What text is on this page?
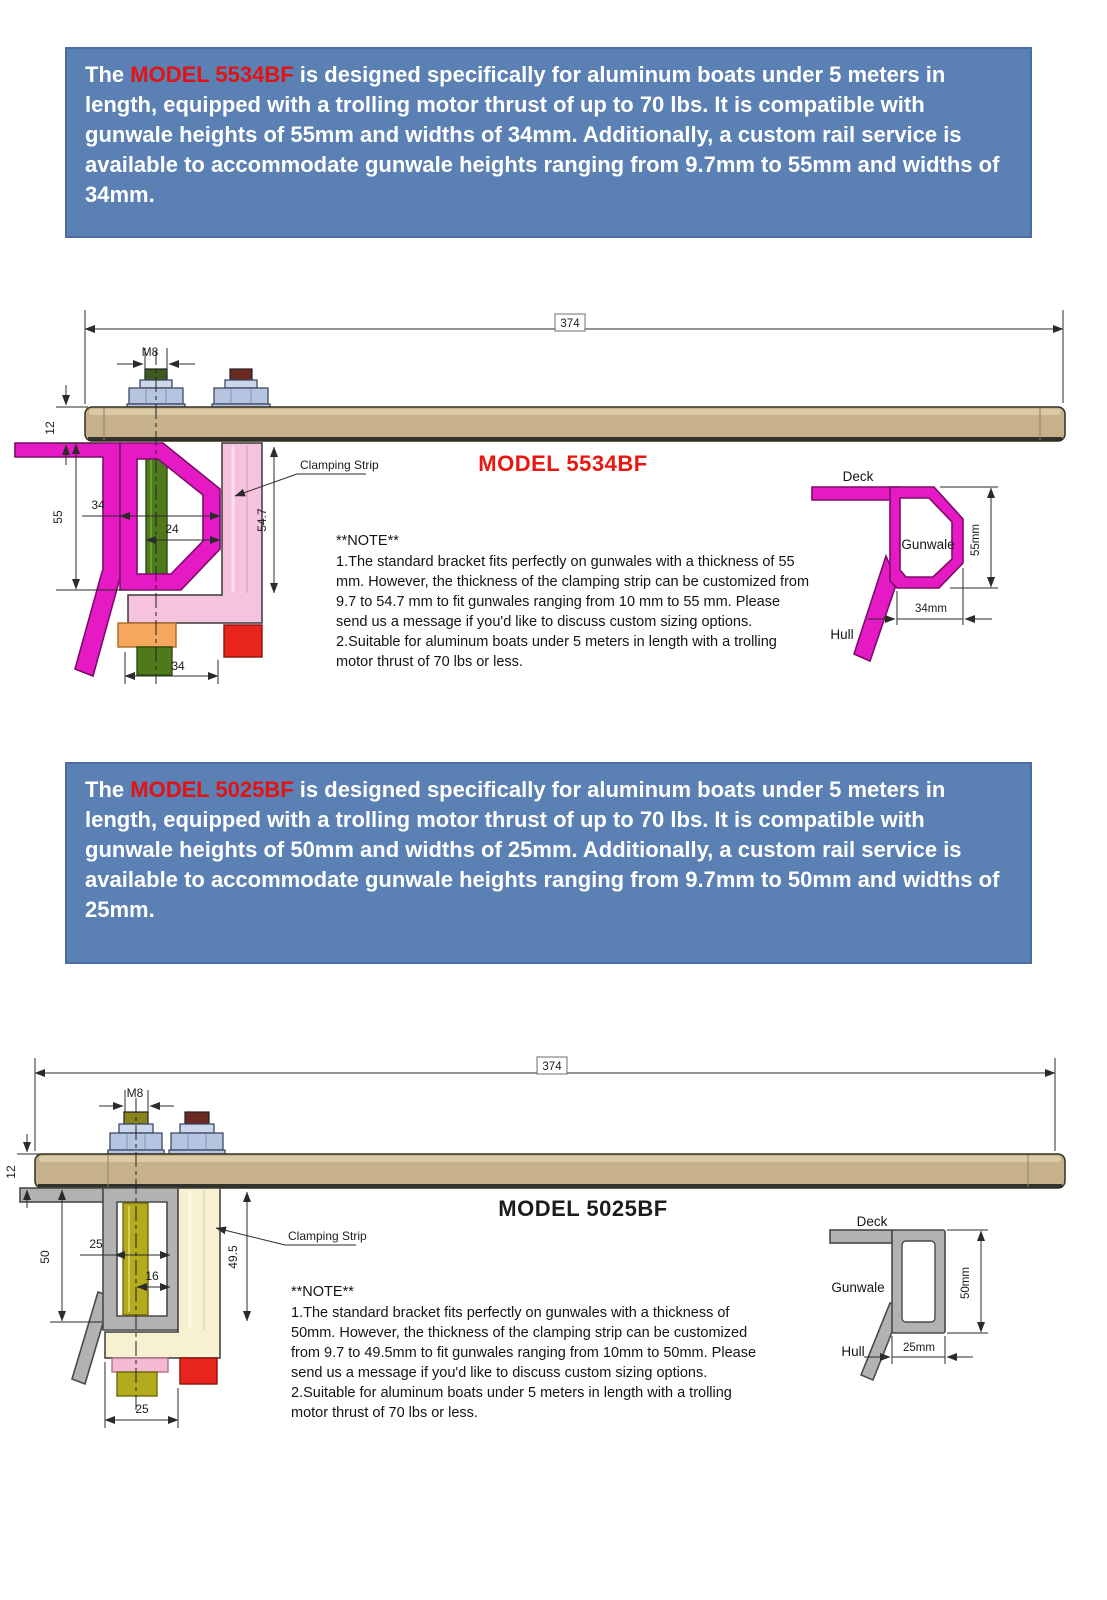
The MODEL 5534BF is designed specifically for aluminum boats under 5 meters in length, equipped with a trolling motor thrust of up to 70 lbs. It is compatible with gunwale heights of 55mm and widths of 34mm. Additionally, a custom rail service is available to accommodate gunwale heights ranging from 9.7mm to 55mm and widths of 34mm.
374
M8
12
55
34
24	54.7
34
Clamping Strip
Deck
Gunwale
Hull
55mm
34mm
MODEL 5534BF

**NOTE**

1.The standard bracket fits perfectly on gunwales with a thickness of 55 mm. However, the thickness of the clamping strip can be customized from 9.7 to 54.7 mm to fit gunwales ranging from 10 mm to 55 mm. Please send us a message if you'd like to discuss custom sizing options.

2.Suitable for aluminum boats under 5 meters in length with a trolling motor thrust of 70 lbs or less.

The MODEL 5025BF is designed specifically for aluminum boats under 5 meters in length, equipped with a trolling motor thrust of up to 70 lbs. It is compatible with gunwale heights of 50mm and widths of 25mm. Additionally, a custom rail service is available to accommodate gunwale heights ranging from 9.7mm to 50mm and widths of 25mm.
374
M8
12
50
25
16
49.5
25
Clamping Strip
Deck
Gunwale
Hull
50mm
25mm
MODEL 5025BF

**NOTE**

1.The standard bracket fits perfectly on gunwales with a thickness of 50mm. However, the thickness of the clamping strip can be customized from 9.7 to 49.5mm to fit gunwales ranging from 10mm to 50mm. Please send us a message if you'd like to discuss custom sizing options.

2.Suitable for aluminum boats under 5 meters in length with a trolling motor thrust of 70 lbs or less.
